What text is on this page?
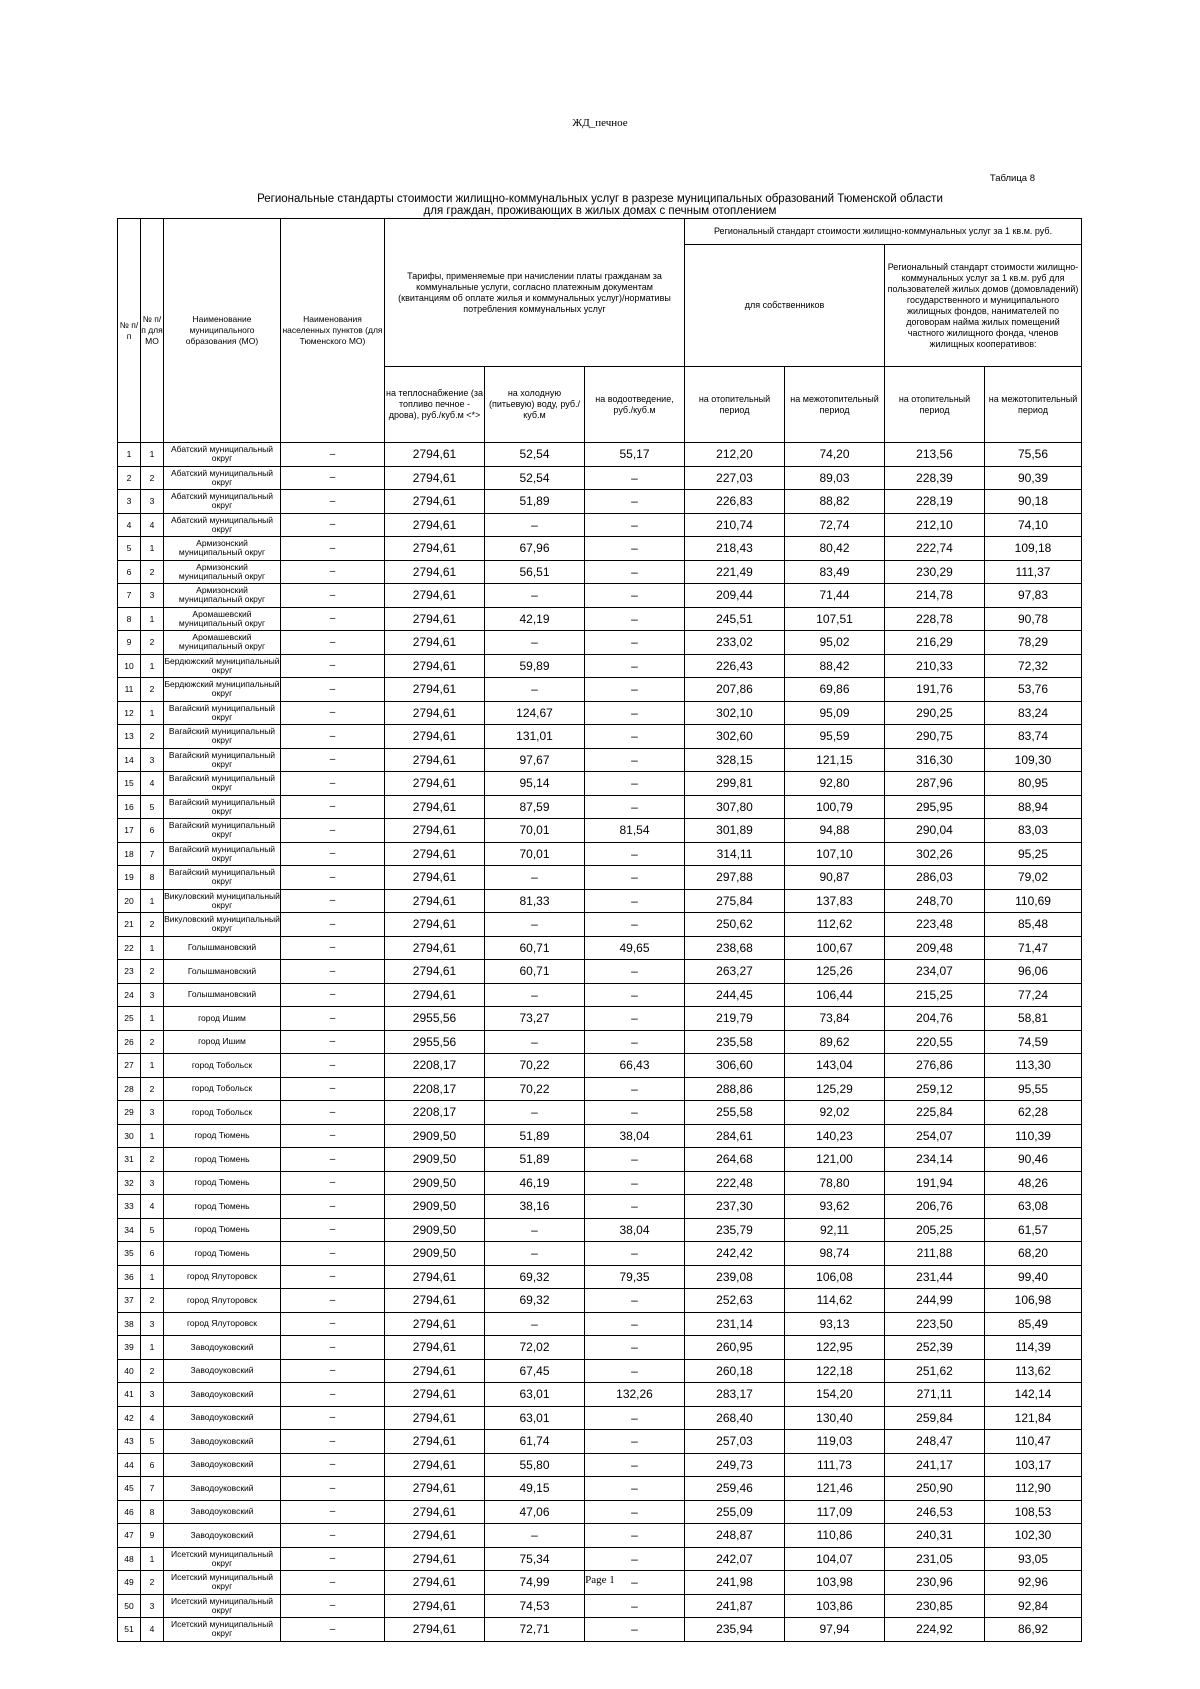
ЖД_печное
Таблица 8
Региональные стандарты стоимости жилищно-коммунальных услуг в разрезе муниципальных образований Тюменской области
для граждан, проживающих в жилых домах с печным отоплением
№ п/п	№ п/п для МО	Наименование муниципального образования (МО)	Наименования населенных пунктов (для Тюменского МО)	Тарифы, применяемые при начислении платы гражданам за коммунальные услуги, согласно платежным документам (квитанциям об оплате жилья и коммунальных услуг)/нормативы потребления коммунальных услуг			Региональный стандарт стоимости жилищно-коммунальных услуг за 1 кв.м. руб.			
							для собственников		Региональный стандарт стоимости жилищно-коммунальных услуг за 1 кв.м. руб для пользователей жилых домов (домовладений) государственного и муниципального жилищных фондов, нанимателей по договорам найма жилых помещений частного жилищного фонда, членов жилищных кооперативов:	
				на теплоснабжение (за топливо печное - дрова), руб./куб.м <*>	на холодную (питьевую) воду, руб./куб.м	на водоотведение, руб./куб.м	на отопительный период	на межотопительный период	на отопительный период	на межотопительный период
1	1	Абатский муниципальный округ	–	2794,61	52,54	55,17	212,20	74,20	213,56	75,56
2	2	Абатский муниципальный округ	–	2794,61	52,54	–	227,03	89,03	228,39	90,39
3	3	Абатский муниципальный округ	–	2794,61	51,89	–	226,83	88,82	228,19	90,18
4	4	Абатский муниципальный округ	–	2794,61	–	–	210,74	72,74	212,10	74,10
5	1	Армизонский муниципальный округ	–	2794,61	67,96	–	218,43	80,42	222,74	109,18
6	2	Армизонский муниципальный округ	–	2794,61	56,51	–	221,49	83,49	230,29	111,37
7	3	Армизонский муниципальный округ	–	2794,61	–	–	209,44	71,44	214,78	97,83
8	1	Аромашевский муниципальный округ	–	2794,61	42,19	–	245,51	107,51	228,78	90,78
9	2	Аромашевский муниципальный округ	–	2794,61	–	–	233,02	95,02	216,29	78,29
10	1	Бердюжский муниципальный округ	–	2794,61	59,89	–	226,43	88,42	210,33	72,32
11	2	Бердюжский муниципальный округ	–	2794,61	–	–	207,86	69,86	191,76	53,76
12	1	Вагайский муниципальный округ	–	2794,61	124,67	–	302,10	95,09	290,25	83,24
13	2	Вагайский муниципальный округ	–	2794,61	131,01	–	302,60	95,59	290,75	83,74
14	3	Вагайский муниципальный округ	–	2794,61	97,67	–	328,15	121,15	316,30	109,30
15	4	Вагайский муниципальный округ	–	2794,61	95,14	–	299,81	92,80	287,96	80,95
16	5	Вагайский муниципальный округ	–	2794,61	87,59	–	307,80	100,79	295,95	88,94
17	6	Вагайский муниципальный округ	–	2794,61	70,01	81,54	301,89	94,88	290,04	83,03
18	7	Вагайский муниципальный округ	–	2794,61	70,01	–	314,11	107,10	302,26	95,25
19	8	Вагайский муниципальный округ	–	2794,61	–	–	297,88	90,87	286,03	79,02
20	1	Викуловский муниципальный округ	–	2794,61	81,33	–	275,84	137,83	248,70	110,69
21	2	Викуловский муниципальный округ	–	2794,61	–	–	250,62	112,62	223,48	85,48
22	1	Голышмановский	–	2794,61	60,71	49,65	238,68	100,67	209,48	71,47
23	2	Голышмановский	–	2794,61	60,71	–	263,27	125,26	234,07	96,06
24	3	Голышмановский	–	2794,61	–	–	244,45	106,44	215,25	77,24
25	1	город Ишим	–	2955,56	73,27	–	219,79	73,84	204,76	58,81
26	2	город Ишим	–	2955,56	–	–	235,58	89,62	220,55	74,59
27	1	город Тобольск	–	2208,17	70,22	66,43	306,60	143,04	276,86	113,30
28	2	город Тобольск	–	2208,17	70,22	–	288,86	125,29	259,12	95,55
29	3	город Тобольск	–	2208,17	–	–	255,58	92,02	225,84	62,28
30	1	город Тюмень	–	2909,50	51,89	38,04	284,61	140,23	254,07	110,39
31	2	город Тюмень	–	2909,50	51,89	–	264,68	121,00	234,14	90,46
32	3	город Тюмень	–	2909,50	46,19	–	222,48	78,80	191,94	48,26
33	4	город Тюмень	–	2909,50	38,16	–	237,30	93,62	206,76	63,08
34	5	город Тюмень	–	2909,50	–	38,04	235,79	92,11	205,25	61,57
35	6	город Тюмень	–	2909,50	–	–	242,42	98,74	211,88	68,20
36	1	город Ялуторовск	–	2794,61	69,32	79,35	239,08	106,08	231,44	99,40
37	2	город Ялуторовск	–	2794,61	69,32	–	252,63	114,62	244,99	106,98
38	3	город Ялуторовск	–	2794,61	–	–	231,14	93,13	223,50	85,49
39	1	Заводоуковский	–	2794,61	72,02	–	260,95	122,95	252,39	114,39
40	2	Заводоуковский	–	2794,61	67,45	–	260,18	122,18	251,62	113,62
41	3	Заводоуковский	–	2794,61	63,01	132,26	283,17	154,20	271,11	142,14
42	4	Заводоуковский	–	2794,61	63,01	–	268,40	130,40	259,84	121,84
43	5	Заводоуковский	–	2794,61	61,74	–	257,03	119,03	248,47	110,47
44	6	Заводоуковский	–	2794,61	55,80	–	249,73	111,73	241,17	103,17
45	7	Заводоуковский	–	2794,61	49,15	–	259,46	121,46	250,90	112,90
46	8	Заводоуковский	–	2794,61	47,06	–	255,09	117,09	246,53	108,53
47	9	Заводоуковский	–	2794,61	–	–	248,87	110,86	240,31	102,30
48	1	Исетский муниципальный округ	–	2794,61	75,34	–	242,07	104,07	231,05	93,05
49	2	Исетский муниципальный округ	–	2794,61	74,99	–	241,98	103,98	230,96	92,96
50	3	Исетский муниципальный округ	–	2794,61	74,53	–	241,87	103,86	230,85	92,84
51	4	Исетский муниципальный округ	–	2794,61	72,71	–	235,94	97,94	224,92	86,92
Page 1
